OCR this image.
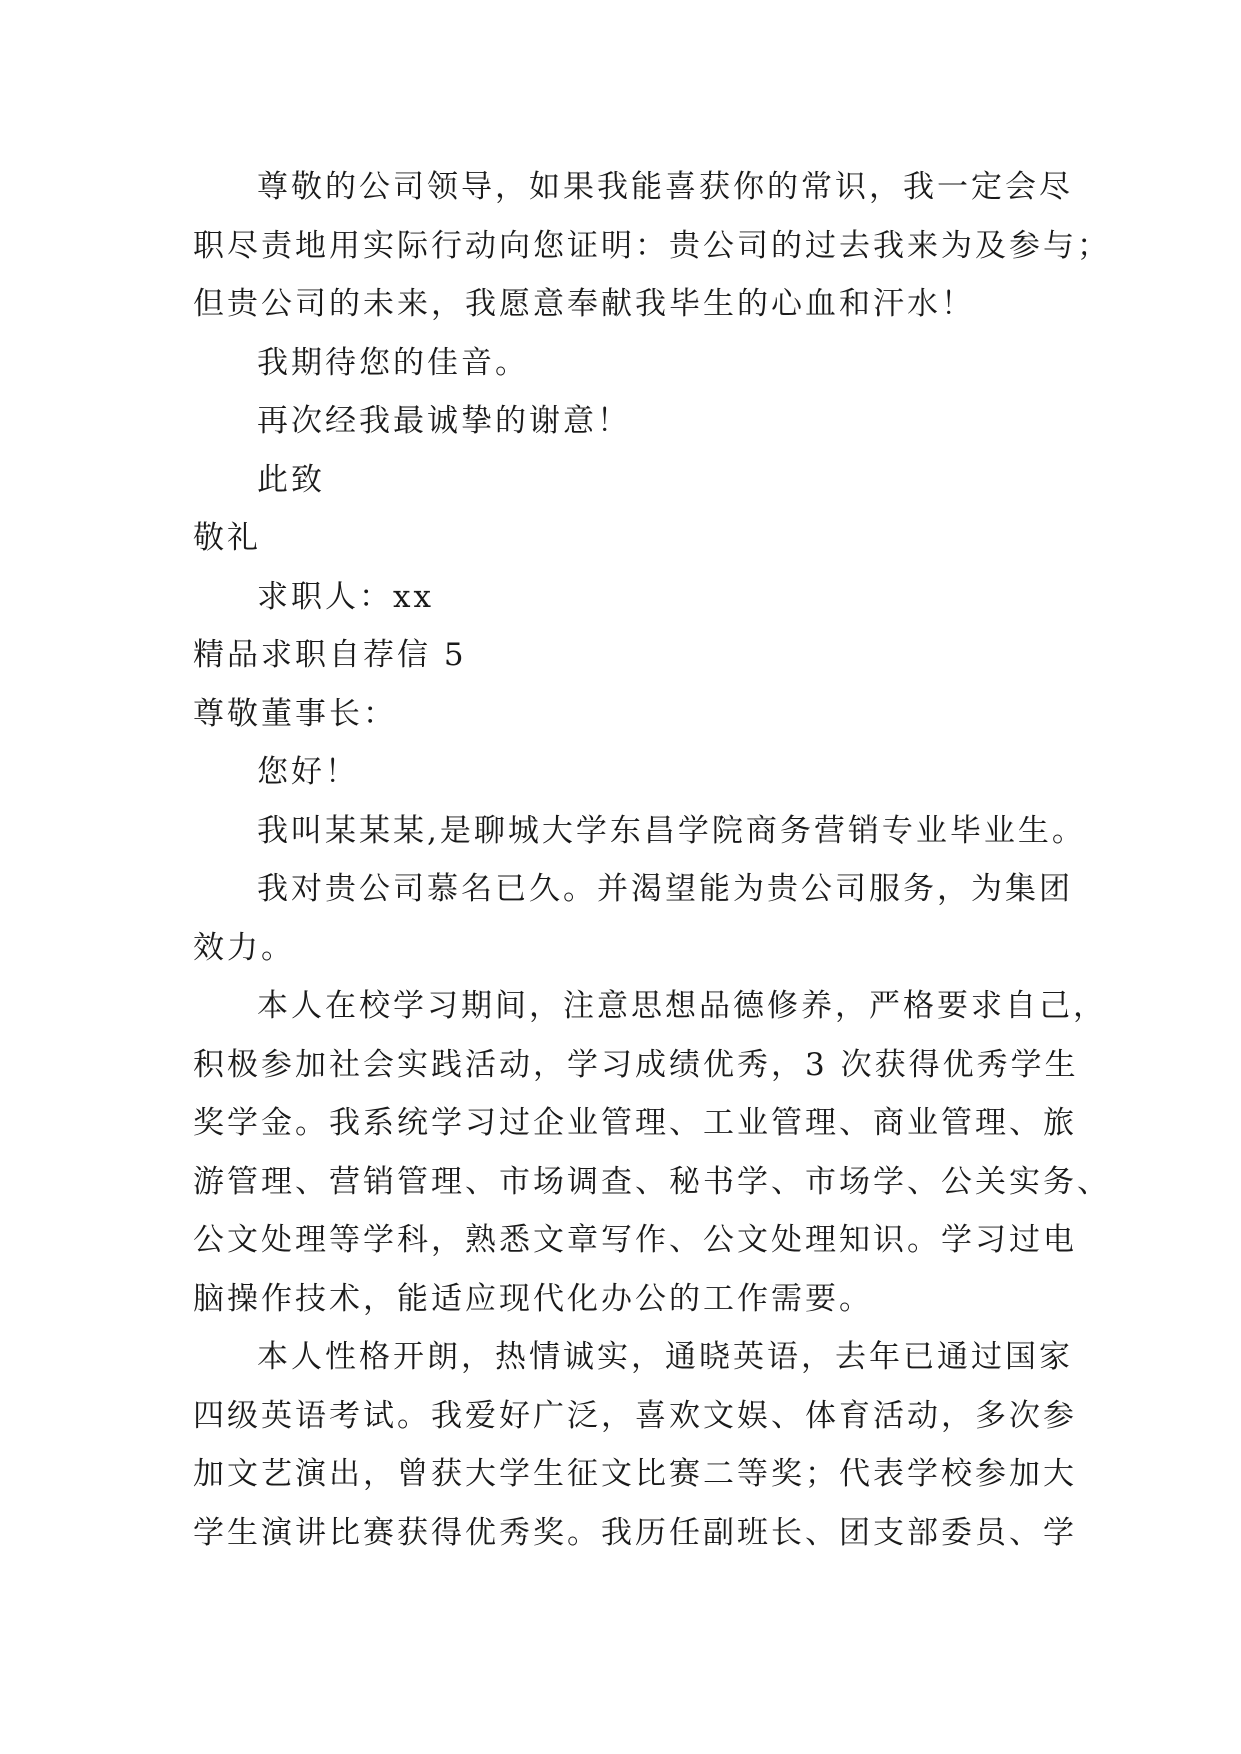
尊敬的公司领导，如果我能喜获你的常识，我一定会尽
职尽责地用实际行动向您证明：贵公司的过去我来为及参与；
但贵公司的未来，我愿意奉献我毕生的心血和汗水！
我期待您的佳音。
再次经我最诚挚的谢意！
此致
敬礼
求职人：xx
精品求职自荐信 5
尊敬董事长：
您好！
我叫某某某,是聊城大学东昌学院商务营销专业毕业生。
我对贵公司慕名已久。并渴望能为贵公司服务，为集团
效力。
本人在校学习期间，注意思想品德修养，严格要求自己，
积极参加社会实践活动，学习成绩优秀，3 次获得优秀学生
奖学金。我系统学习过企业管理、工业管理、商业管理、旅
游管理、营销管理、市场调查、秘书学、市场学、公关实务、
公文处理等学科，熟悉文章写作、公文处理知识。学习过电
脑操作技术，能适应现代化办公的工作需要。
本人性格开朗，热情诚实，通晓英语，去年已通过国家
四级英语考试。我爱好广泛，喜欢文娱、体育活动，多次参
加文艺演出，曾获大学生征文比赛二等奖；代表学校参加大
学生演讲比赛获得优秀奖。我历任副班长、团支部委员、学
